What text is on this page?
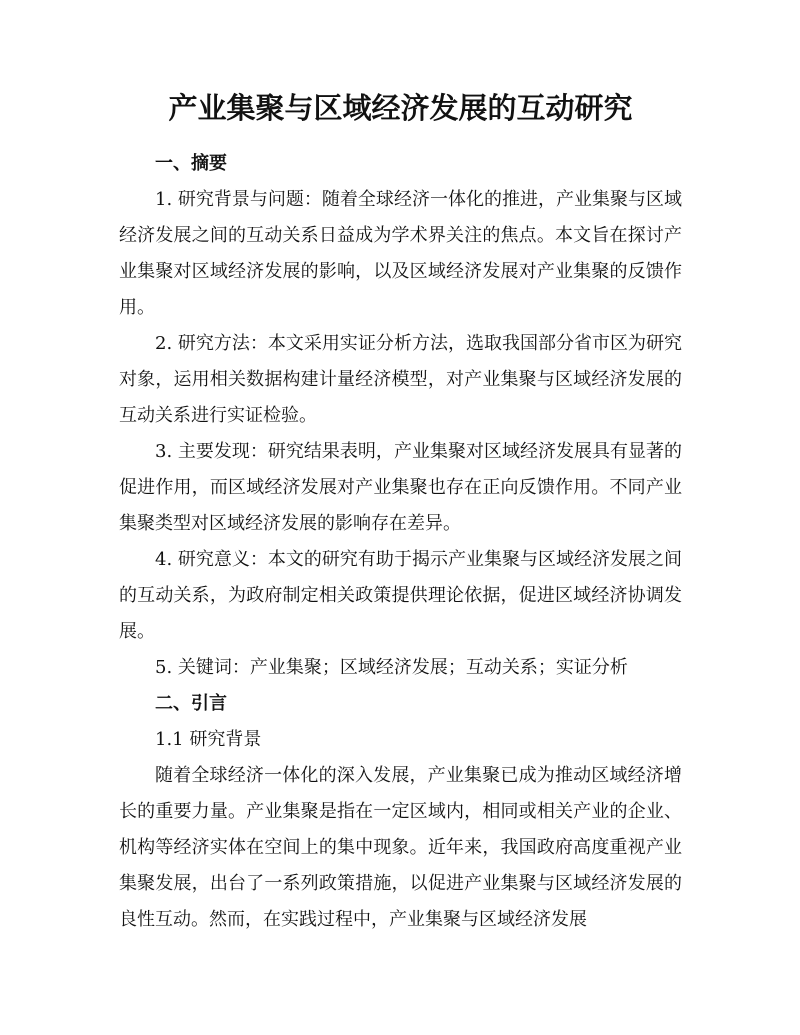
产业集聚与区域经济发展的互动研究

一、摘要

1. 研究背景与问题：随着全球经济一体化的推进，产业集聚与区域经济发展之间的互动关系日益成为学术界关注的焦点。本文旨在探讨产业集聚对区域经济发展的影响，以及区域经济发展对产业集聚的反馈作用。

2. 研究方法：本文采用实证分析方法，选取我国部分省市区为研究对象，运用相关数据构建计量经济模型，对产业集聚与区域经济发展的互动关系进行实证检验。

3. 主要发现：研究结果表明，产业集聚对区域经济发展具有显著的促进作用，而区域经济发展对产业集聚也存在正向反馈作用。不同产业集聚类型对区域经济发展的影响存在差异。

4. 研究意义：本文的研究有助于揭示产业集聚与区域经济发展之间的互动关系，为政府制定相关政策提供理论依据，促进区域经济协调发展。

5. 关键词：产业集聚；区域经济发展；互动关系；实证分析

二、引言

1.1 研究背景

随着全球经济一体化的深入发展，产业集聚已成为推动区域经济增长的重要力量。产业集聚是指在一定区域内，相同或相关产业的企业、机构等经济实体在空间上的集中现象。近年来，我国政府高度重视产业集聚发展，出台了一系列政策措施，以促进产业集聚与区域经济发展的良性互动。然而，在实践过程中，产业集聚与区域经济发展
